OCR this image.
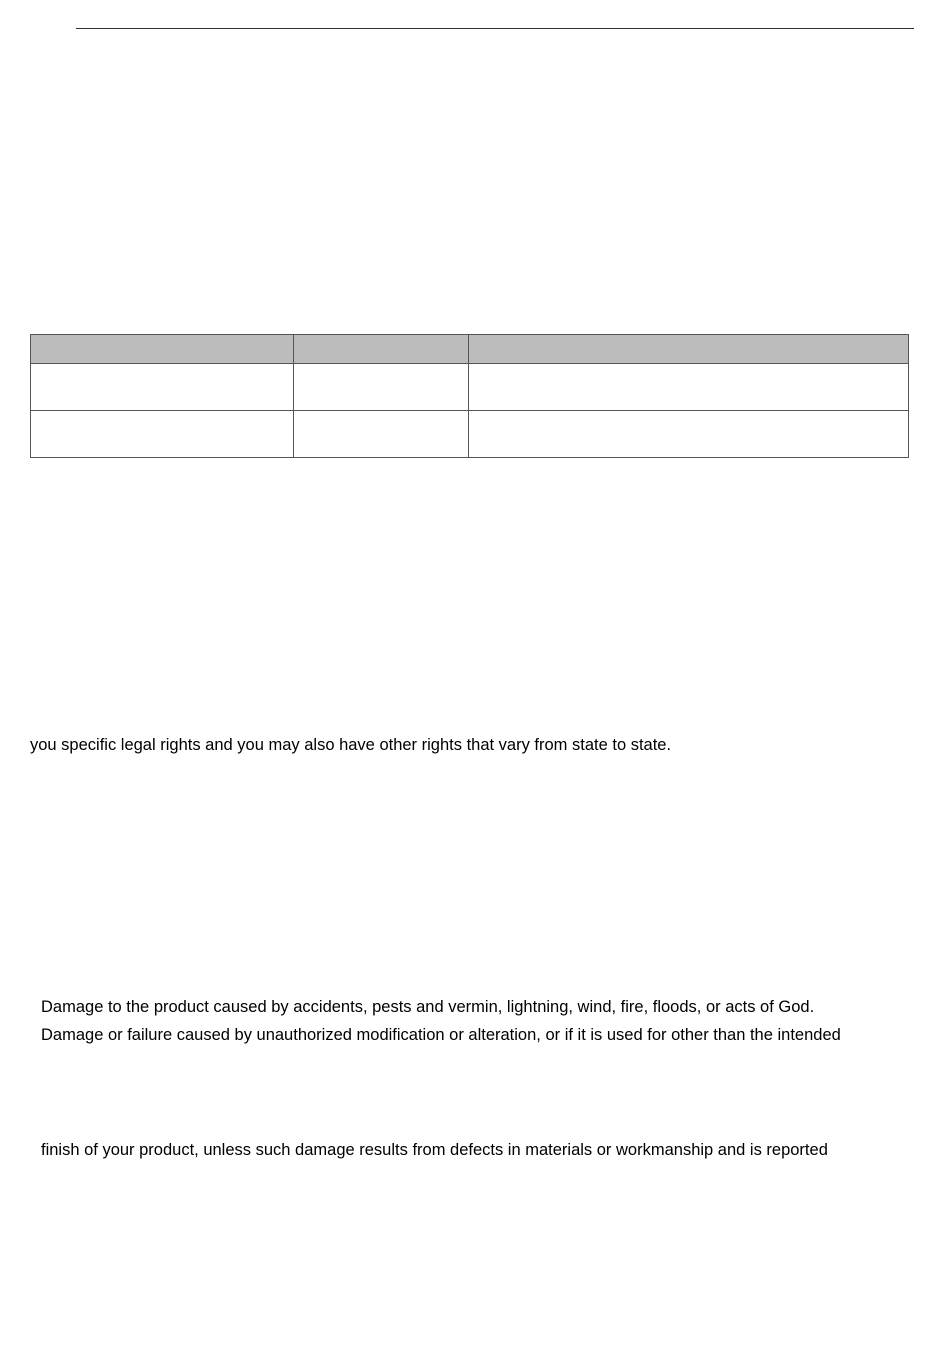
you specific legal rights and you may also have other rights that vary from state to state.
Damage to the product caused by accidents, pests and vermin, lightning, wind, fire, floods, or acts of God.
Damage or failure caused by unauthorized modification or alteration, or if it is used for other than the intended
finish of your product, unless such damage results from defects in materials or workmanship and is reported
